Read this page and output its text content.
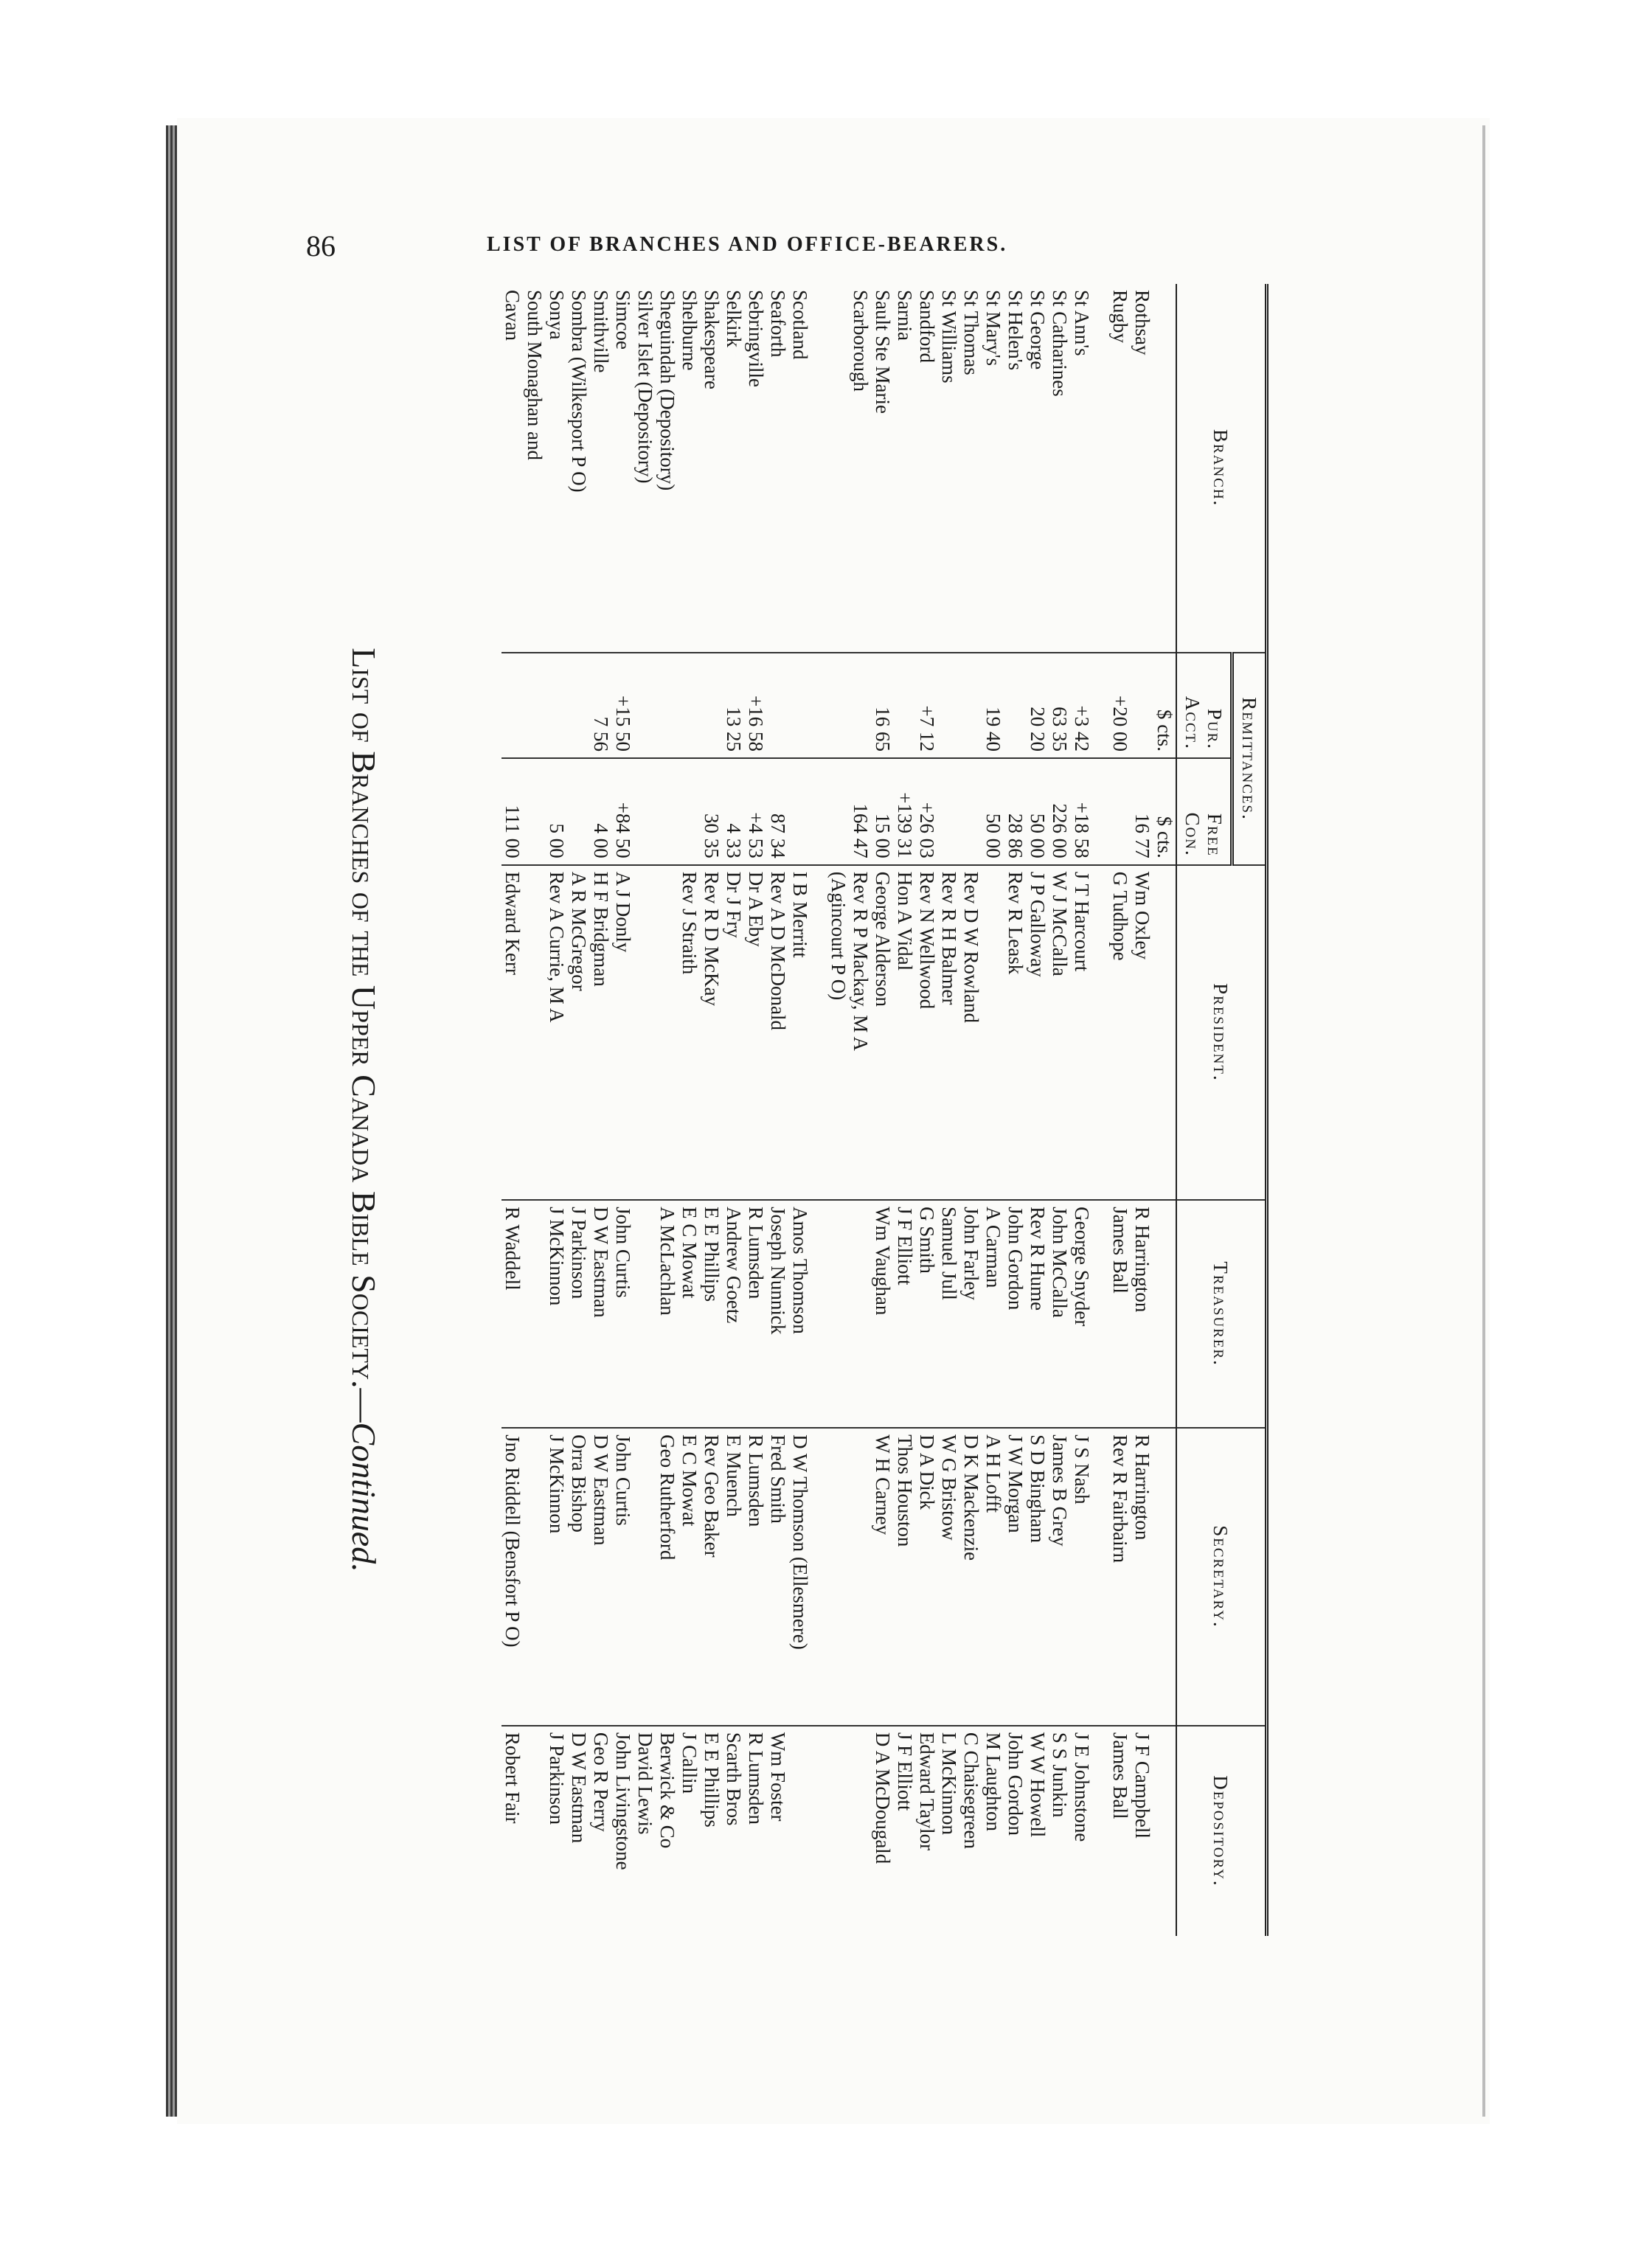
86	LIST OF BRANCHES AND OFFICE-BEARERS.
Branch.	Remittances.		President.	Treasurer.	Secretary.	Depository.
	Pur. Acct.	Free Con.				
	$ cts.	$ cts.				
Rothsay		16 77	Wm Oxley	R Harrington	R Harrington	J F Campbell
Rugby	+20 00		G Tudhope	James Ball	Rev R Fairbairn	James Ball

St Ann's	+3 42	+18 58	J T Harcourt	George Snyder	J S Nash	J E Johnstone
St Catharines	63 35	226 00	W J McCalla	John McCalla	James B Grey	S S Junkin
St George	20 20	50 00	J P Galloway	Rev R Hume	S D Bingham	W W Howell
St Helen's		28 86	Rev R Leask	John Gordon	J W Morgan	John Gordon
St Mary's	19 40	50 00		A Carman	A H Lofft	M Laughton
St Thomas			Rev D W Rowland	John Farley	D K Mackenzie	C Chaisegreen
St Williams			Rev R H Balmer	Samuel Jull	W G Bristow	L McKinnon
Sandford	+7 12	+26 03	Rev N Wellwood	G Smith	D A Dick	Edward Taylor
Sarnia		+139 31	Hon A Vidal	J F Elliott	Thos Houston	J F Elliott
Sault Ste Marie	16 65	15 00	George Alderson	Wm Vaughan	W H Carney	D A McDougald
Scarborough		164 47	Rev R P Mackay, M A			
			(Agincourt P O)			

Scotland			I B Merritt	Amos Thomson	D W Thomson (Ellesmere)	
Seaforth		87 34	Rev A D McDonald	Joseph Nunnick	Fred Smith	Wm Foster
Sebringville	+16 58	+4 53	Dr A Eby	R Lumsden	R Lumsden	R Lumsden
Selkirk	13 25	4 33	Dr J Fry	Andrew Goetz	E Muench	Scarth Bros
Shakespeare		30 35	Rev R D McKay	E E Phillips	Rev Geo Baker	E E Phillips
Shelburne			Rev J Straith	E C Mowat	E C Mowat	J Callin
Sheguindah (Depository)				A McLachlan	Geo Rutherford	Berwick & Co
Silver Islet (Depository)						David Lewis
Simcoe	+15 50	+84 50	A J Donly	John Curtis	John Curtis	John Livingstone
Smithville	7 56	4 00	H F Bridgman	D W Eastman	D W Eastman	Geo R Perry
Sombra (Wilkesport P O)			A R McGregor	J Parkinson	Orra Bishop	D W Eastman
Sonya		5 00	Rev A Currie, M A	J McKinnon	J McKinnon	J Parkinson
South Monaghan and						
Cavan		111 00	Edward Kerr	R Waddell	Jno Riddell (Bensfort P O)	Robert Fair
List of Branches of the Upper Canada Bible Society.—Continued.
